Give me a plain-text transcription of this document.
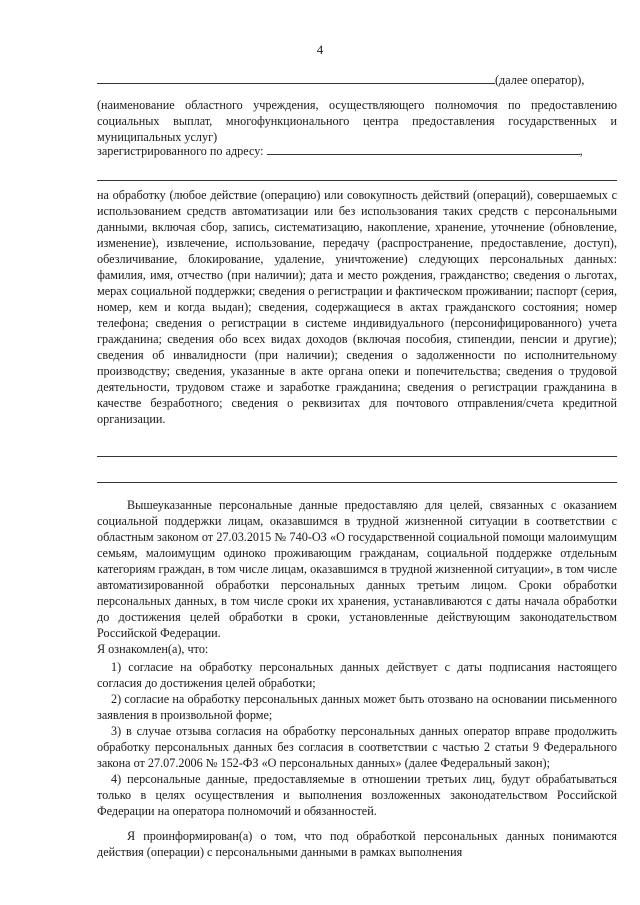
4
(далее оператор),

(наименование областного учреждения, осуществляющего полномочия по предоставлению социальных выплат, многофункционального центра предоставления государственных и муниципальных услуг)

зарегистрированного по адресу:	,

на обработку (любое действие (операцию) или совокупность действий (операций), совершаемых с использованием средств автоматизации или без использования таких средств с персональными данными, включая сбор, запись, систематизацию, накопление, хранение, уточнение (обновление, изменение), извлечение, использование, передачу (распространение, предоставление, доступ), обезличивание, блокирование, удаление, уничтожение) следующих персональных данных: фамилия, имя, отчество (при наличии); дата и место рождения, гражданство; сведения о льготах, мерах социальной поддержки; сведения о регистрации и фактическом проживании; паспорт (серия, номер, кем и когда выдан); сведения, содержащиеся в актах гражданского состояния; номер телефона; сведения о регистрации в системе индивидуального (персонифицированного) учета гражданина; сведения обо всех видах доходов (включая пособия, стипендии, пенсии и другие); сведения об инвалидности (при наличии); сведения о задолженности по исполнительному производству; сведения, указанные в акте органа опеки и попечительства; сведения о трудовой деятельности, трудовом стаже и заработке гражданина; сведения о регистрации гражданина в качестве безработного; сведения о реквизитах для почтового отправления/счета кредитной организации.

Вышеуказанные персональные данные предоставляю для целей, связанных с оказанием социальной поддержки лицам, оказавшимся в трудной жизненной ситуации в соответствии с областным законом от 27.03.2015 № 740-ОЗ «О государственной социальной помощи малоимущим семьям, малоимущим одиноко проживающим гражданам, социальной поддержке отдельным категориям граждан, в том числе лицам, оказавшимся в трудной жизненной ситуации», в том числе автоматизированной обработки персональных данных третьим лицом. Сроки обработки персональных данных, в том числе сроки их хранения, устанавливаются с даты начала обработки до достижения целей обработки в сроки, установленные действующим законодательством Российской Федерации.

Я ознакомлен(а), что:

1) согласие на обработку персональных данных действует с даты подписания настоящего согласия до достижения целей обработки;

2) согласие на обработку персональных данных может быть отозвано на основании письменного заявления в произвольной форме;

3) в случае отзыва согласия на обработку персональных данных оператор вправе продолжить обработку персональных данных без согласия в соответствии с частью 2 статьи 9 Федерального закона от 27.07.2006 № 152-ФЗ «О персональных данных» (далее Федеральный закон);

4) персональные данные, предоставляемые в отношении третьих лиц, будут обрабатываться только в целях осуществления и выполнения возложенных законодательством Российской Федерации на оператора полномочий и обязанностей.

Я проинформирован(а) о том, что под обработкой персональных данных понимаются действия (операции) с персональными данными в рамках выполнения
